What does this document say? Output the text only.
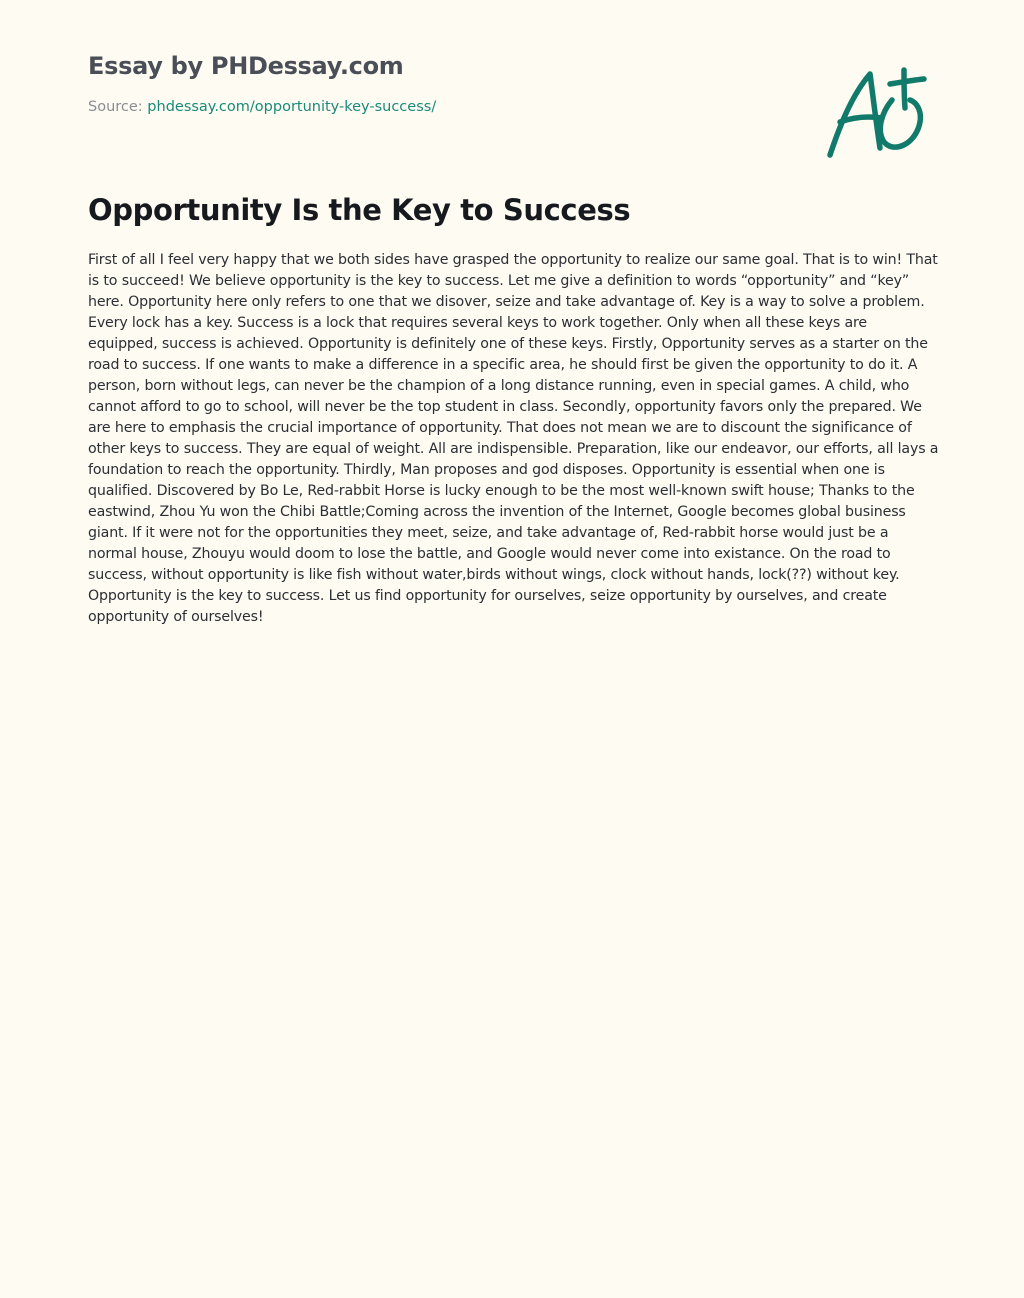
Essay by PHDessay.com
Source: phdessay.com/opportunity-key-success/
Opportunity Is the Key to Success

First of all I feel very happy that we both sides have grasped the opportunity to realize our same goal. That is to win! That is to succeed! We believe opportunity is the key to success. Let me give a definition to words “opportunity” and “key” here. Opportunity here only refers to one that we disover, seize and take advantage of. Key is a way to solve a problem. Every lock has a key. Success is a lock that requires several keys to work together. Only when all these keys are equipped, success is achieved. Opportunity is definitely one of these keys. Firstly, Opportunity serves as a starter on the road to success. If one wants to make a difference in a specific area, he should first be given the opportunity to do it. A person, born without legs, can never be the champion of a long distance running, even in special games. A child, who cannot afford to go to school, will never be the top student in class. Secondly, opportunity favors only the prepared. We are here to emphasis the crucial importance of opportunity. That does not mean we are to discount the significance of other keys to success. They are equal of weight. All are indispensible. Preparation, like our endeavor, our efforts, all lays a foundation to reach the opportunity. Thirdly, Man proposes and god disposes. Opportunity is essential when one is qualified. Discovered by Bo Le, Red-rabbit Horse is lucky enough to be the most well-known swift house; Thanks to the eastwind, Zhou Yu won the Chibi Battle;Coming across the invention of the Internet, Google becomes global business giant. If it were not for the opportunities they meet, seize, and take advantage of, Red-rabbit horse would just be a normal house, Zhouyu would doom to lose the battle, and Google would never come into existance. On the road to success, without opportunity is like fish without water,birds without wings, clock without hands, lock(??) without key. Opportunity is the key to success. Let us find opportunity for ourselves, seize opportunity by ourselves, and create opportunity of ourselves!
